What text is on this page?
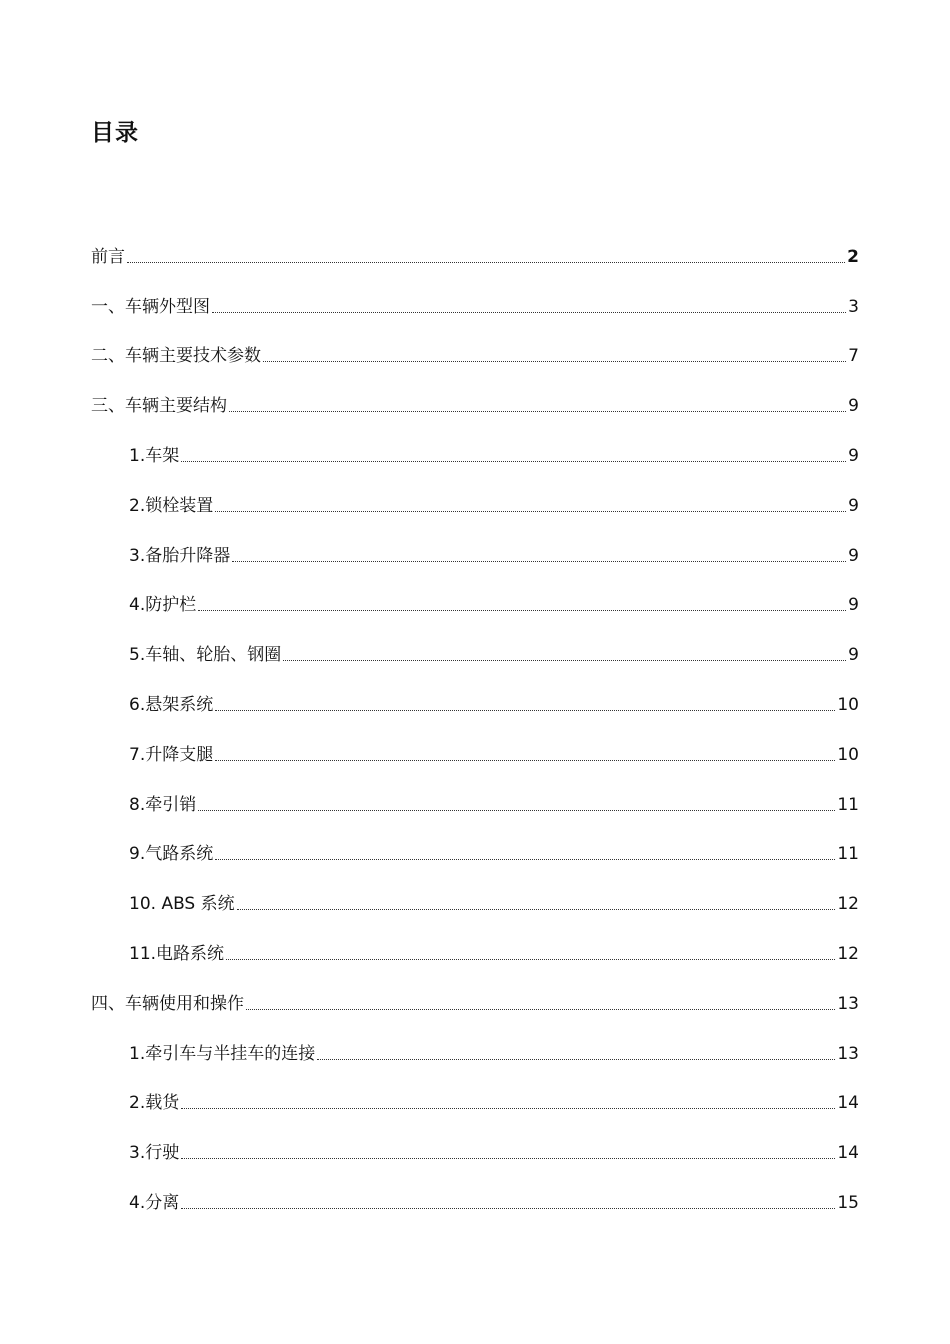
目录
前言	2
一、车辆外型图	3
二、车辆主要技术参数	7
三、车辆主要结构	9
1.车架	9
2.锁栓装置	9
3.备胎升降器	9
4.防护栏	9
5.车轴、轮胎、钢圈	9
6.悬架系统	10
7.升降支腿	10
8.牵引销	11
9.气路系统	11
10. ABS 系统	12
11.电路系统	12
四、车辆使用和操作	13
1.牵引车与半挂车的连接	13
2.载货	14
3.行驶	14
4.分离	15
